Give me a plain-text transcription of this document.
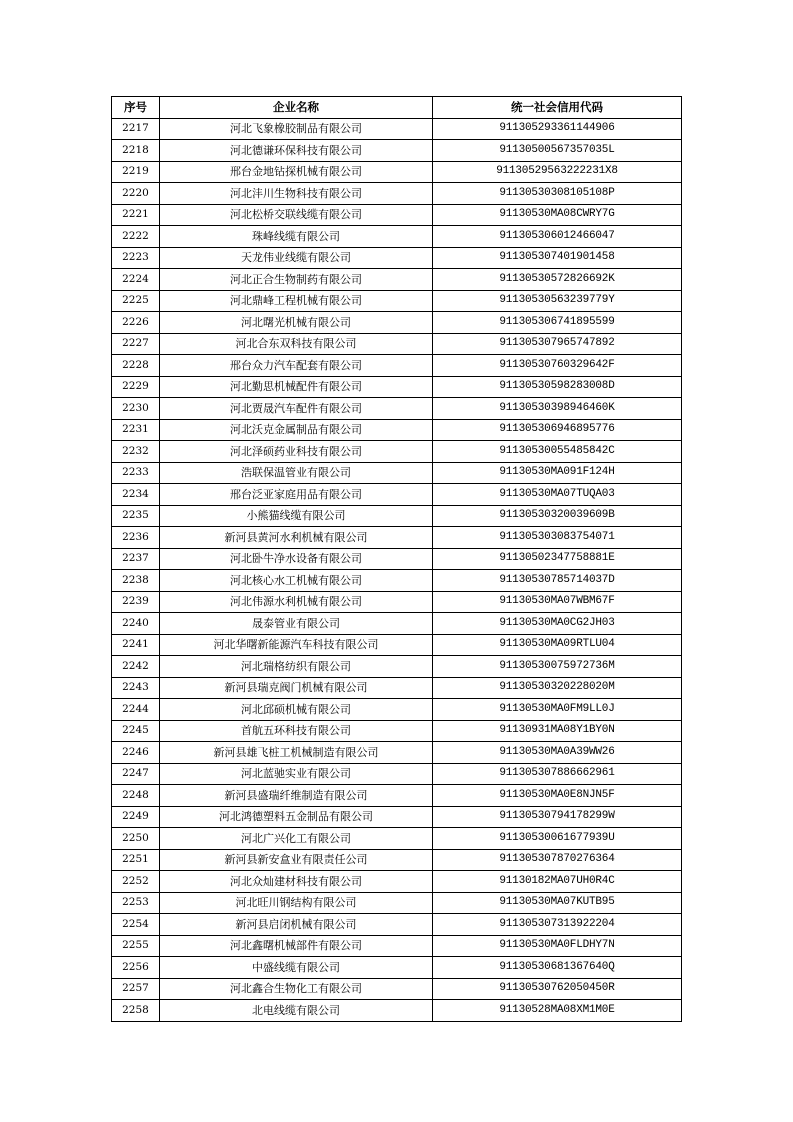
序号	企业名称	统一社会信用代码
2217	河北飞象橡胶制品有限公司	911305293361144906
2218	河北德谦环保科技有限公司	91130500567357035L
2219	邢台金地钻探机械有限公司	91130529563222231X8
2220	河北沣川生物科技有限公司	91130530308105108P
2221	河北松桥交联线缆有限公司	91130530MA08CWRY7G
2222	珠峰线缆有限公司	911305306012466047
2223	天龙伟业线缆有限公司	911305307401901458
2224	河北正合生物制药有限公司	91130530572826692K
2225	河北鼎峰工程机械有限公司	91130530563239779Y
2226	河北曙光机械有限公司	911305306741895599
2227	河北合东双科技有限公司	911305307965747892
2228	邢台众力汽车配套有限公司	91130530760329642F
2229	河北勤思机械配件有限公司	91130530598283008D
2230	河北贾晟汽车配件有限公司	91130530398946460K
2231	河北沃克金属制品有限公司	911305306946895776
2232	河北泽硕药业科技有限公司	91130530055485842C
2233	浩联保温管业有限公司	91130530MA091F124H
2234	邢台泛亚家庭用品有限公司	91130530MA07TUQA03
2235	小熊猫线缆有限公司	91130530320039609B
2236	新河县黄河水利机械有限公司	911305303083754071
2237	河北卧牛净水设备有限公司	91130502347758881E
2238	河北核心水工机械有限公司	91130530785714037D
2239	河北伟源水利机械有限公司	91130530MA07WBM67F
2240	晟泰管业有限公司	91130530MA0CG2JH03
2241	河北华曙新能源汽车科技有限公司	91130530MA09RTLU04
2242	河北瑞格纺织有限公司	91130530075972736M
2243	新河县瑞克阀门机械有限公司	91130530320228020M
2244	河北邱硕机械有限公司	91130530MA0FM9LL0J
2245	首航五环科技有限公司	91130931MA08Y1BY0N
2246	新河县雄飞桩工机械制造有限公司	91130530MA0A39WW26
2247	河北蓝驰实业有限公司	911305307886662961
2248	新河县盛瑞纤维制造有限公司	91130530MA0E8NJN5F
2249	河北鸿德塑料五金制品有限公司	91130530794178299W
2250	河北广兴化工有限公司	91130530061677939U
2251	新河县新安盒业有限责任公司	911305307870276364
2252	河北众灿建材科技有限公司	91130182MA07UH0R4C
2253	河北旺川钢结构有限公司	91130530MA07KUTB95
2254	新河县启闭机械有限公司	911305307313922204
2255	河北鑫曙机械部件有限公司	91130530MA0FLDHY7N
2256	中盛线缆有限公司	91130530681367640Q
2257	河北鑫合生物化工有限公司	91130530762050450R
2258	北电线缆有限公司	91130528MA08XM1M0E
